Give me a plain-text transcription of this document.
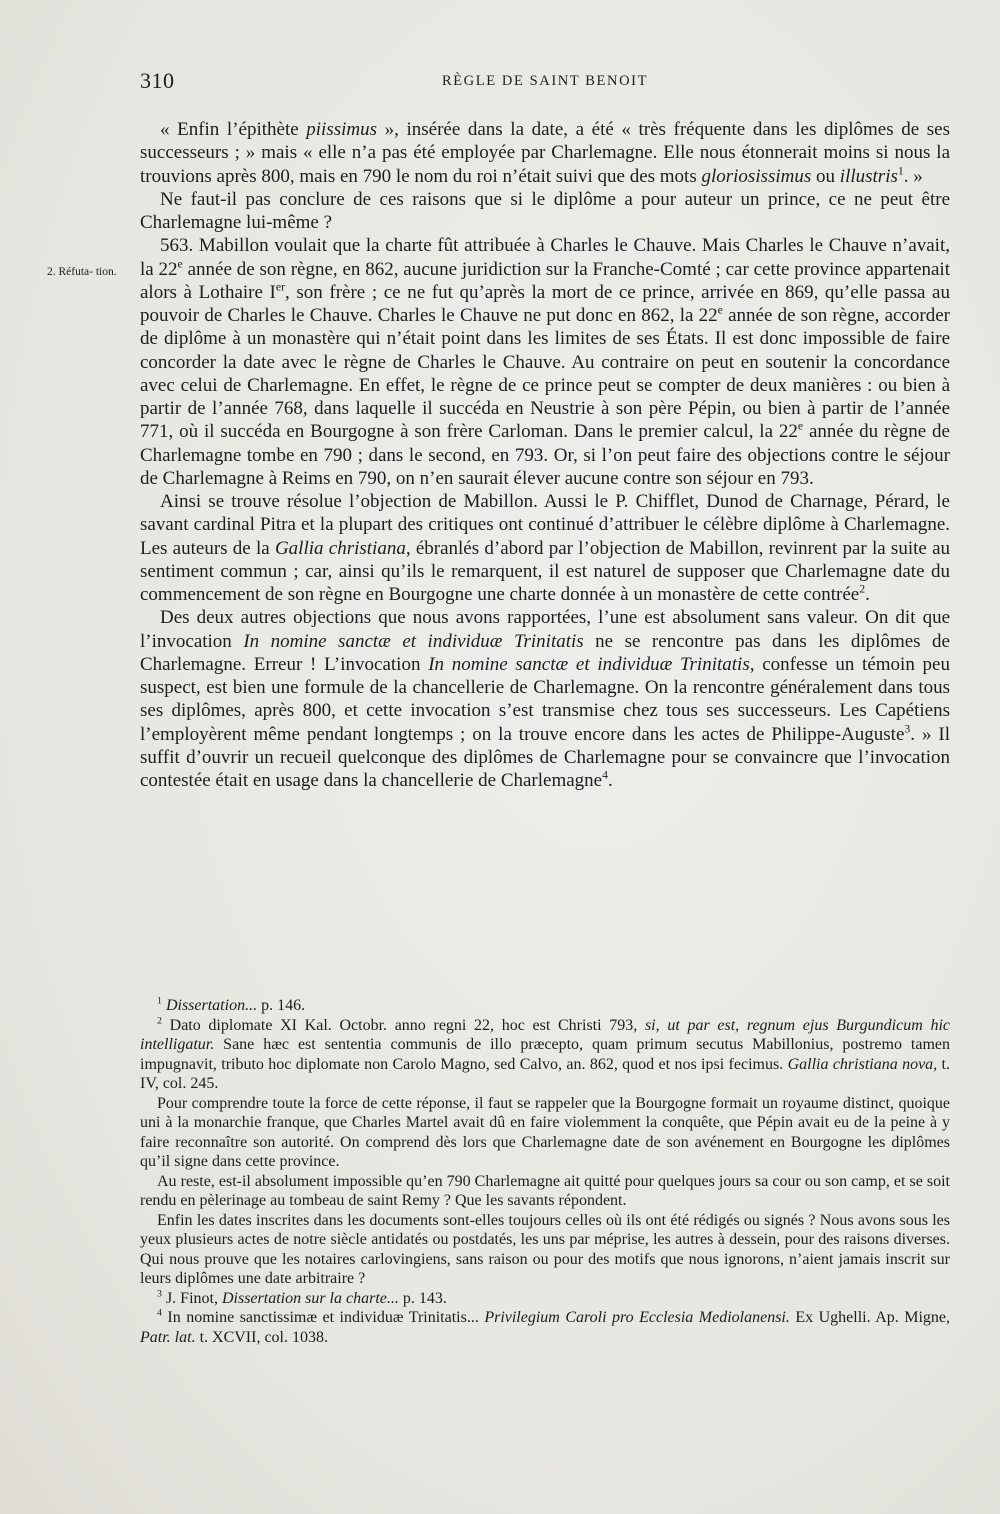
310	RÈGLE DE SAINT BENOIT
2. Réfuta- tion.

« Enfin l’épithète piissimus », insérée dans la date, a été « très fréquente dans les diplômes de ses successeurs ; » mais « elle n’a pas été employée par Charlemagne. Elle nous étonnerait moins si nous la trouvions après 800, mais en 790 le nom du roi n’était suivi que des mots gloriosissimus ou illustris$^1$. »

Ne faut-il pas conclure de ces raisons que si le diplôme a pour auteur un prince, ce ne peut être Charlemagne lui-même ?

563. Mabillon voulait que la charte fût attribuée à Charles le Chauve. Mais Charles le Chauve n’avait, la 22e année de son règne, en 862, aucune juridiction sur la Franche-Comté ; car cette province appartenait alors à Lothaire Ier, son frère ; ce ne fut qu’après la mort de ce prince, arrivée en 869, qu’elle passa au pouvoir de Charles le Chauve. Charles le Chauve ne put donc en 862, la 22e année de son règne, accorder de diplôme à un monastère qui n’était point dans les limites de ses États. Il est donc impossible de faire concorder la date avec le règne de Charles le Chauve. Au contraire on peut en soutenir la concordance avec celui de Charlemagne. En effet, le règne de ce prince peut se compter de deux manières : ou bien à partir de l’année 768, dans laquelle il succéda en Neustrie à son père Pépin, ou bien à partir de l’année 771, où il succéda en Bourgogne à son frère Carloman. Dans le premier calcul, la 22e année du règne de Charlemagne tombe en 790 ; dans le second, en 793. Or, si l’on peut faire des objections contre le séjour de Charlemagne à Reims en 790, on n’en saurait élever aucune contre son séjour en 793.

Ainsi se trouve résolue l’objection de Mabillon. Aussi le P. Chifflet, Dunod de Charnage, Pérard, le savant cardinal Pitra et la plupart des critiques ont continué d’attribuer le célèbre diplôme à Charlemagne. Les auteurs de la Gallia christiana, ébranlés d’abord par l’objection de Mabillon, revinrent par la suite au sentiment commun ; car, ainsi qu’ils le remarquent, il est naturel de supposer que Charlemagne date du commencement de son règne en Bourgogne une charte donnée à un monastère de cette contrée$^2$.

Des deux autres objections que nous avons rapportées, l’une est absolument sans valeur. On dit que l’invocation In nomine sanctæ et individuæ Trinitatis ne se rencontre pas dans les diplômes de Charlemagne. Erreur ! L’invocation In nomine sanctæ et individuæ Trinitatis, confesse un témoin peu suspect, est bien une formule de la chancellerie de Charlemagne. On la rencontre généralement dans tous ses diplômes, après 800, et cette invocation s’est transmise chez tous ses successeurs. Les Capétiens l’employèrent même pendant longtemps ; on la trouve encore dans les actes de Philippe-Auguste$^3$. » Il suffit d’ouvrir un recueil quelconque des diplômes de Charlemagne pour se convaincre que l’invocation contestée était en usage dans la chancellerie de Charlemagne$^4$.

$^1$ Dissertation... p. 146.

$^2$ Dato diplomate XI Kal. Octobr. anno regni 22, hoc est Christi 793, si, ut par est, regnum ejus Burgundicum hic intelligatur. Sane hæc est sententia communis de illo præcepto, quam primum secutus Mabillonius, postremo tamen impugnavit, tributo hoc diplomate non Carolo Magno, sed Calvo, an. 862, quod et nos ipsi fecimus. Gallia christiana nova, t. IV, col. 245.

Pour comprendre toute la force de cette réponse, il faut se rappeler que la Bourgogne formait un royaume distinct, quoique uni à la monarchie franque, que Charles Martel avait dû en faire violemment la conquête, que Pépin avait eu de la peine à y faire reconnaître son autorité. On comprend dès lors que Charlemagne date de son avénement en Bourgogne les diplômes qu’il signe dans cette province.

Au reste, est-il absolument impossible qu’en 790 Charlemagne ait quitté pour quelques jours sa cour ou son camp, et se soit rendu en pèlerinage au tombeau de saint Remy ? Que les savants répondent.

Enfin les dates inscrites dans les documents sont-elles toujours celles où ils ont été rédigés ou signés ? Nous avons sous les yeux plusieurs actes de notre siècle antidatés ou postdatés, les uns par méprise, les autres à dessein, pour des raisons diverses. Qui nous prouve que les notaires carlovingiens, sans raison ou pour des motifs que nous ignorons, n’aient jamais inscrit sur leurs diplômes une date arbitraire ?

$^3$ J. Finot, Dissertation sur la charte... p. 143.

$^4$ In nomine sanctissimæ et individuæ Trinitatis... Privilegium Caroli pro Ecclesia Mediolanensi. Ex Ughelli. Ap. Migne, Patr. lat. t. XCVII, col. 1038.
